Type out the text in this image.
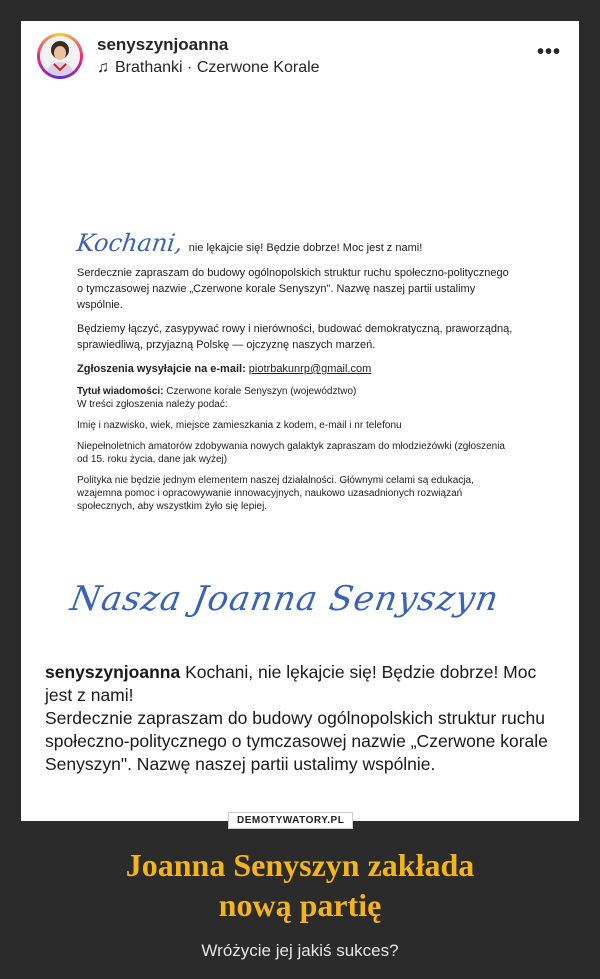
senyszynjoanna
♫ Brathanki · Czerwone Korale
•••
Kochani, nie lękajcie się! Będzie dobrze! Moc jest z nami!

Serdecznie zapraszam do budowy ogólnopolskich struktur ruchu społeczno-politycznego o tymczasowej nazwie „Czerwone korale Senyszyn". Nazwę naszej partii ustalimy wspólnie.

Będziemy łączyć, zasypywać rowy i nierówności, budować demokratyczną, praworządną, sprawiedliwą, przyjazną Polskę — ojczyznę naszych marzeń.

Zgłoszenia wysyłajcie na e-mail: piotrbakunrp@gmail.com

Tytuł wiadomości: Czerwone korale Senyszyn (województwo)
W treści zgłoszenia należy podać:

Imię i nazwisko, wiek, miejsce zamieszkania z kodem, e-mail i nr telefonu

Niepełnoletnich amatorów zdobywania nowych galaktyk zapraszam do młodzieżówki (zgłoszenia od 15. roku życia, dane jak wyżej)

Polityka nie będzie jednym elementem naszej działalności. Głównymi celami są edukacja, wzajemna pomoc i opracowywanie innowacyjnych, naukowo uzasadnionych rozwiązań społecznych, aby wszystkim żyło się lepiej.

Nasza Joanna Senyszyn
senyszynjoanna Kochani, nie lękajcie się! Będzie dobrze! Moc jest z nami!
Serdecznie zapraszam do budowy ogólnopolskich struktur ruchu społeczno-politycznego o tymczasowej nazwie „Czerwone korale Senyszyn". Nazwę naszej partii ustalimy wspólnie.
DEMOTYWATORY.PL
Joanna Senyszyn zakłada
nową partię
Wróżycie jej jakiś sukces?
